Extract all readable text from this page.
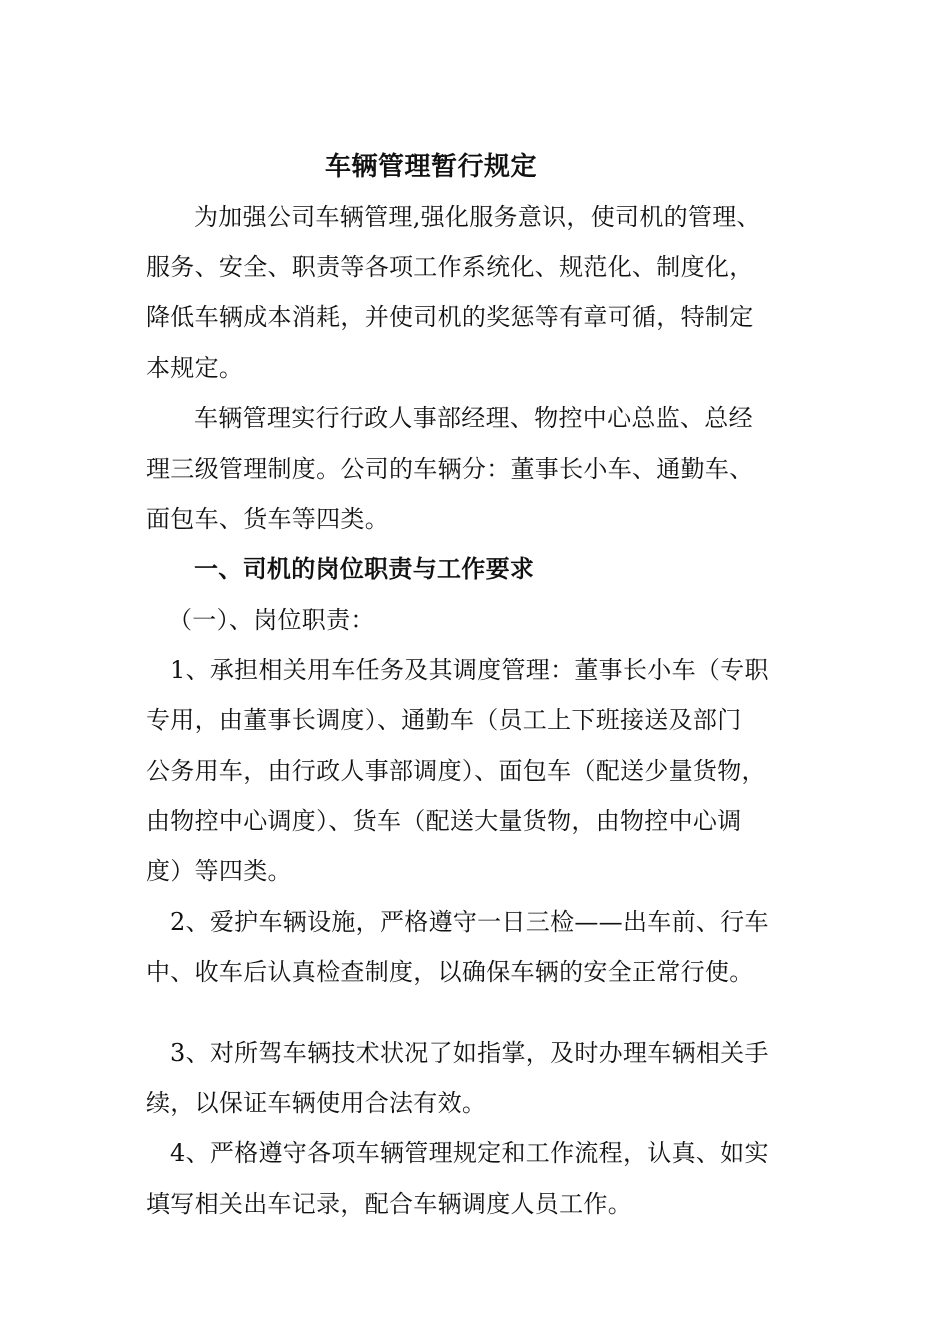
车辆管理暂行规定
为加强公司车辆管理,强化服务意识，使司机的管理、
服务、安全、职责等各项工作系统化、规范化、制度化，
降低车辆成本消耗，并使司机的奖惩等有章可循，特制定
本规定。
车辆管理实行行政人事部经理、物控中心总监、总经
理三级管理制度。公司的车辆分：董事长小车、通勤车、
面包车、货车等四类。
一、司机的岗位职责与工作要求
（一）、岗位职责：
1、承担相关用车任务及其调度管理：董事长小车（专职
专用，由董事长调度）、通勤车（员工上下班接送及部门
公务用车，由行政人事部调度）、面包车（配送少量货物，
由物控中心调度）、货车（配送大量货物，由物控中心调
度）等四类。
2、爱护车辆设施，严格遵守一日三检——出车前、行车
中、收车后认真检查制度，以确保车辆的安全正常行使。
3、对所驾车辆技术状况了如指掌，及时办理车辆相关手
续，以保证车辆使用合法有效。
4、严格遵守各项车辆管理规定和工作流程，认真、如实
填写相关出车记录，配合车辆调度人员工作。
